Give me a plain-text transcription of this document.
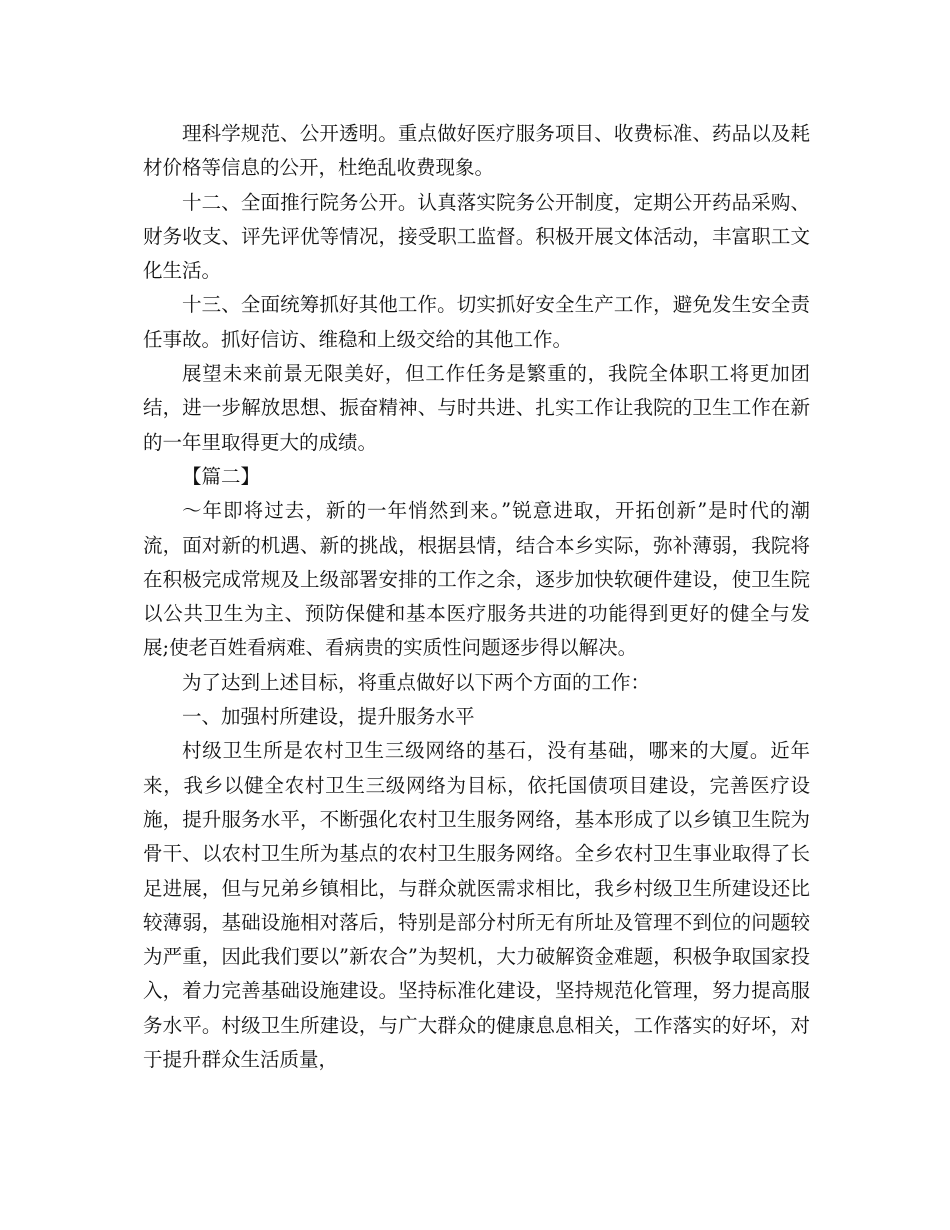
理科学规范、公开透明。重点做好医疗服务项目、收费标准、药品以及耗材价格等信息的公开，杜绝乱收费现象。

十二、全面推行院务公开。认真落实院务公开制度，定期公开药品采购、财务收支、评先评优等情况，接受职工监督。积极开展文体活动，丰富职工文化生活。

十三、全面统筹抓好其他工作。切实抓好安全生产工作，避免发生安全责任事故。抓好信访、维稳和上级交给的其他工作。

展望未来前景无限美好，但工作任务是繁重的，我院全体职工将更加团结，进一步解放思想、振奋精神、与时共进、扎实工作让我院的卫生工作在新的一年里取得更大的成绩。

【篇二】

～年即将过去，新的一年悄然到来。”锐意进取，开拓创新”是时代的潮流，面对新的机遇、新的挑战，根据县情，结合本乡实际，弥补薄弱，我院将在积极完成常规及上级部署安排的工作之余，逐步加快软硬件建设，使卫生院以公共卫生为主、预防保健和基本医疗服务共进的功能得到更好的健全与发展;使老百姓看病难、看病贵的实质性问题逐步得以解决。

为了达到上述目标，将重点做好以下两个方面的工作：

一、加强村所建设，提升服务水平

村级卫生所是农村卫生三级网络的基石，没有基础，哪来的大厦。近年来，我乡以健全农村卫生三级网络为目标，依托国债项目建设，完善医疗设施，提升服务水平，不断强化农村卫生服务网络，基本形成了以乡镇卫生院为骨干、以农村卫生所为基点的农村卫生服务网络。全乡农村卫生事业取得了长足进展，但与兄弟乡镇相比，与群众就医需求相比，我乡村级卫生所建设还比较薄弱，基础设施相对落后，特别是部分村所无有所址及管理不到位的问题较为严重，因此我们要以”新农合”为契机，大力破解资金难题，积极争取国家投入，着力完善基础设施建设。坚持标准化建设，坚持规范化管理，努力提高服务水平。村级卫生所建设，与广大群众的健康息息相关，工作落实的好坏，对于提升群众生活质量，
